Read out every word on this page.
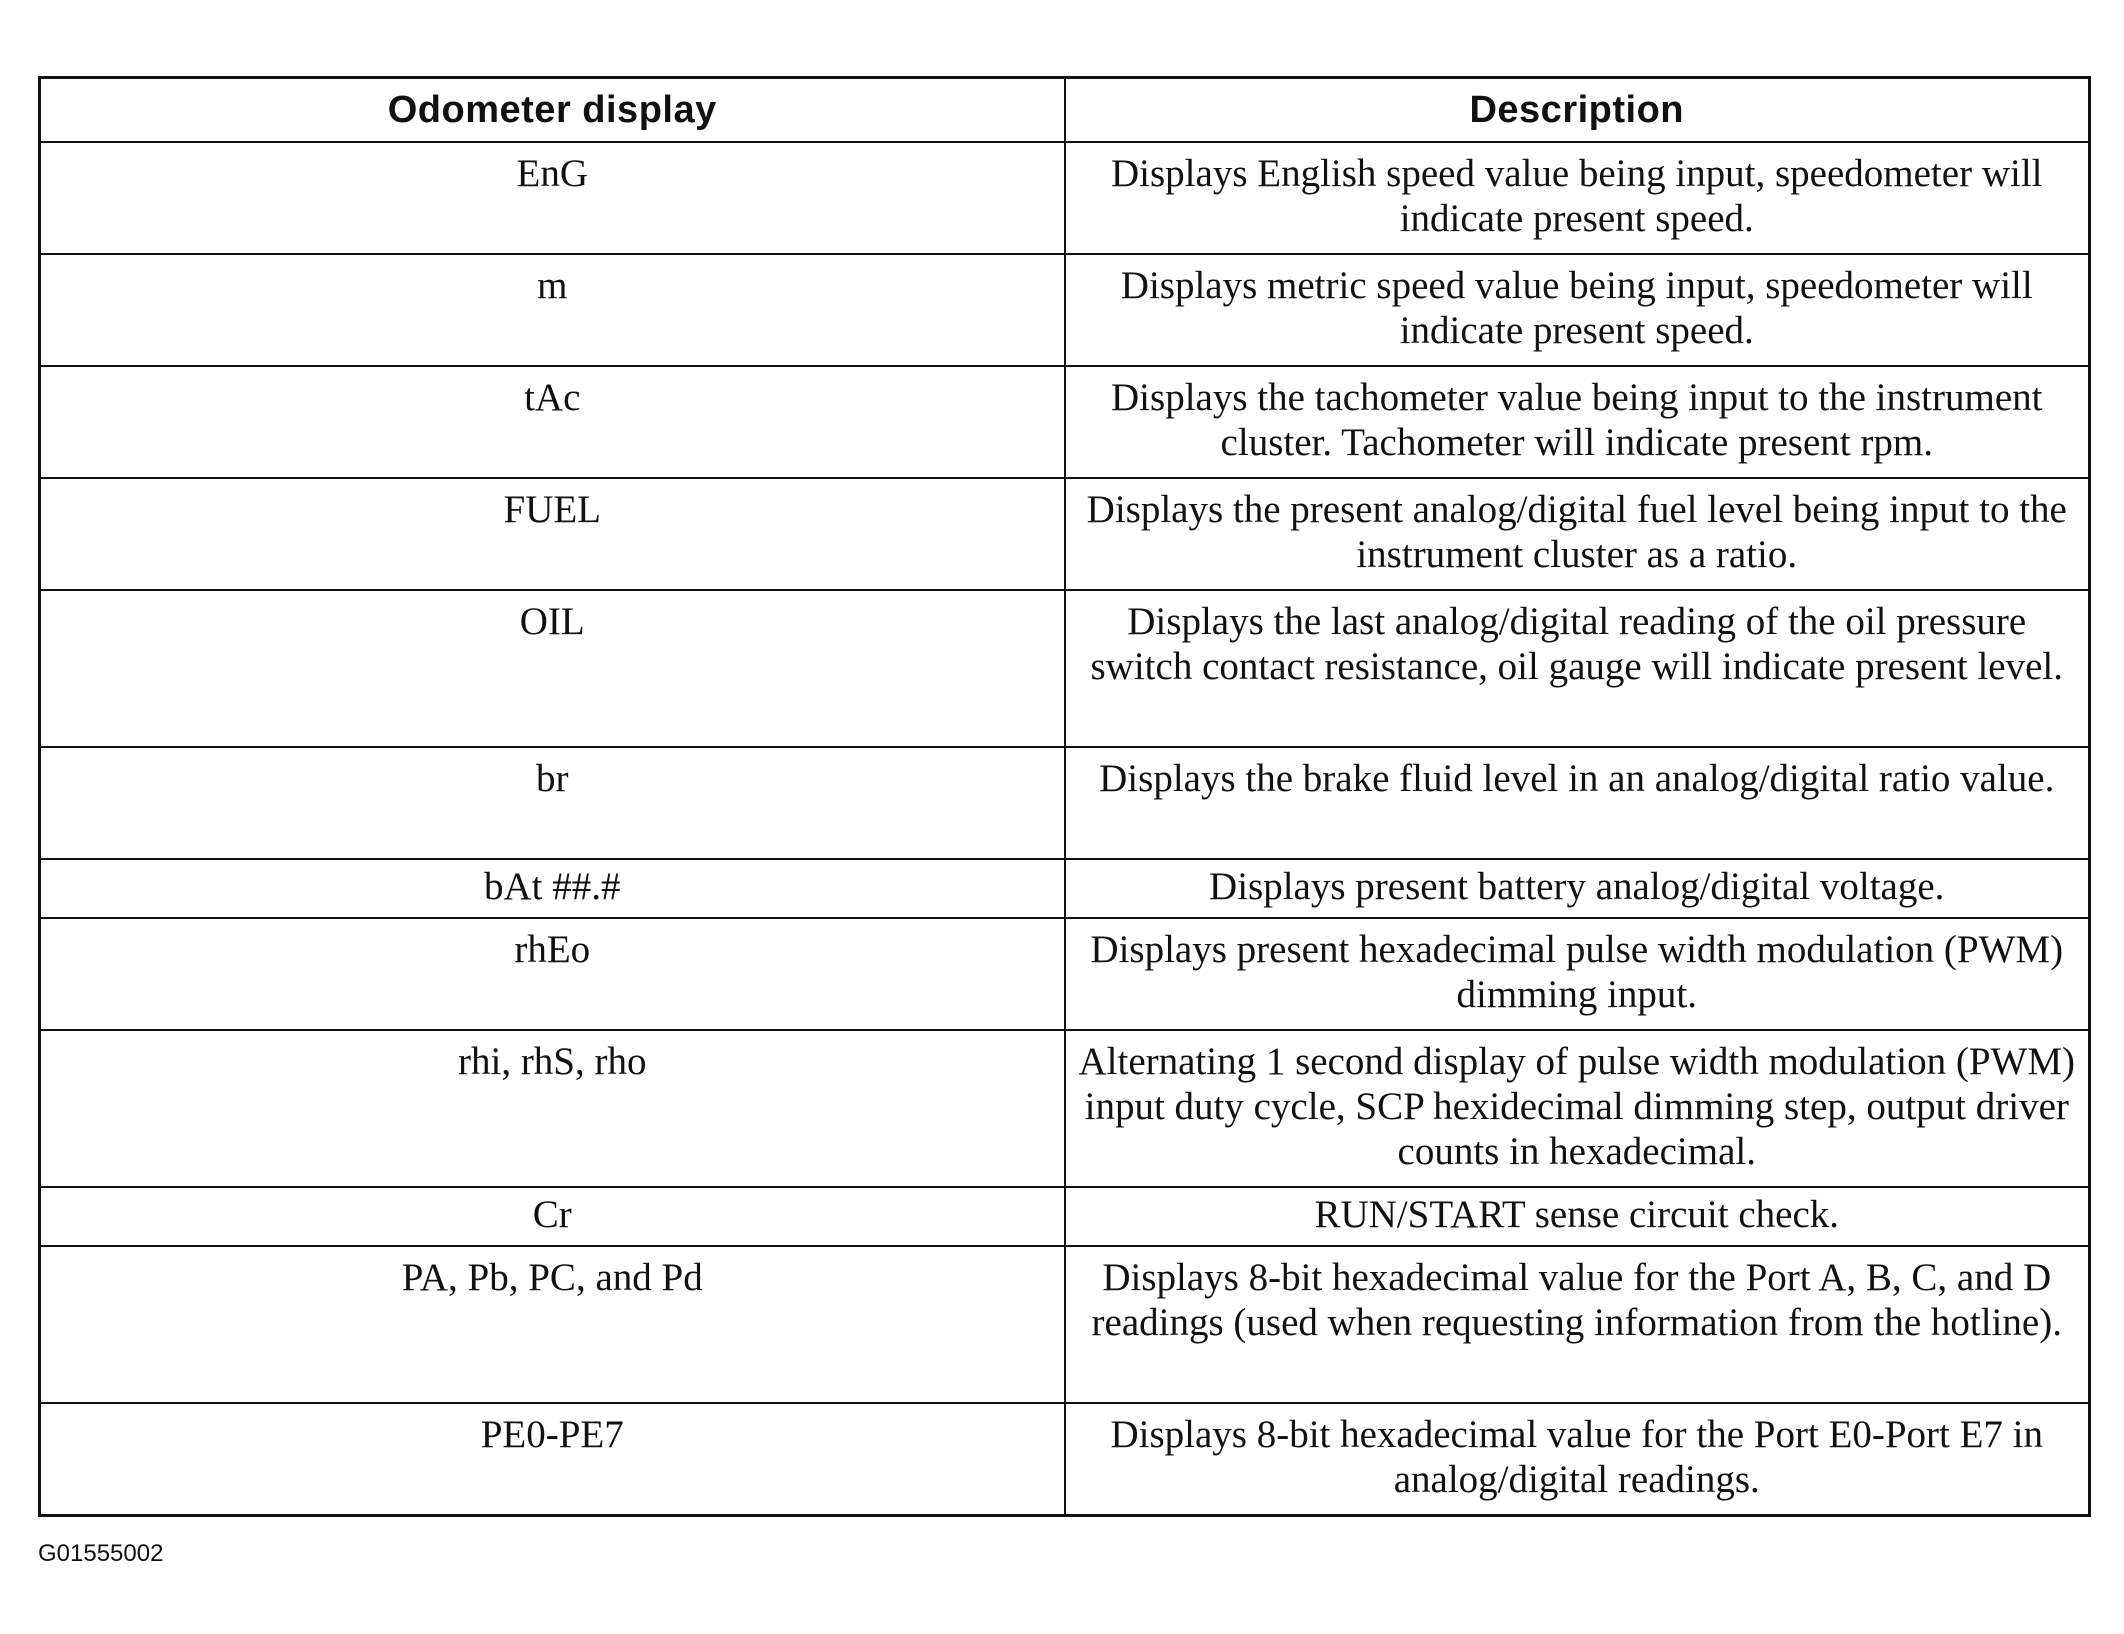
Odometer display	Description
EnG	Displays English speed value being input, speedometer will indicate present speed.
m	Displays metric speed value being input, speedometer will indicate present speed.
tAc	Displays the tachometer value being input to the instrument cluster. Tachometer will indicate present rpm.
FUEL	Displays the present analog/digital fuel level being input to the instrument cluster as a ratio.
OIL	Displays the last analog/digital reading of the oil pressure switch contact resistance, oil gauge will indicate present level.
br	Displays the brake fluid level in an analog/digital ratio value.
bAt ##.#	Displays present battery analog/digital voltage.
rhEo	Displays present hexadecimal pulse width modulation (PWM) dimming input.
rhi, rhS, rho	Alternating 1 second display of pulse width modulation (PWM) input duty cycle, SCP hexidecimal dimming step, output driver counts in hexadecimal.
Cr	RUN/START sense circuit check.
PA, Pb, PC, and Pd	Displays 8-bit hexadecimal value for the Port A, B, C, and D readings (used when requesting information from the hotline).
PE0-PE7	Displays 8-bit hexadecimal value for the Port E0-Port E7 in analog/digital readings.
G01555002
